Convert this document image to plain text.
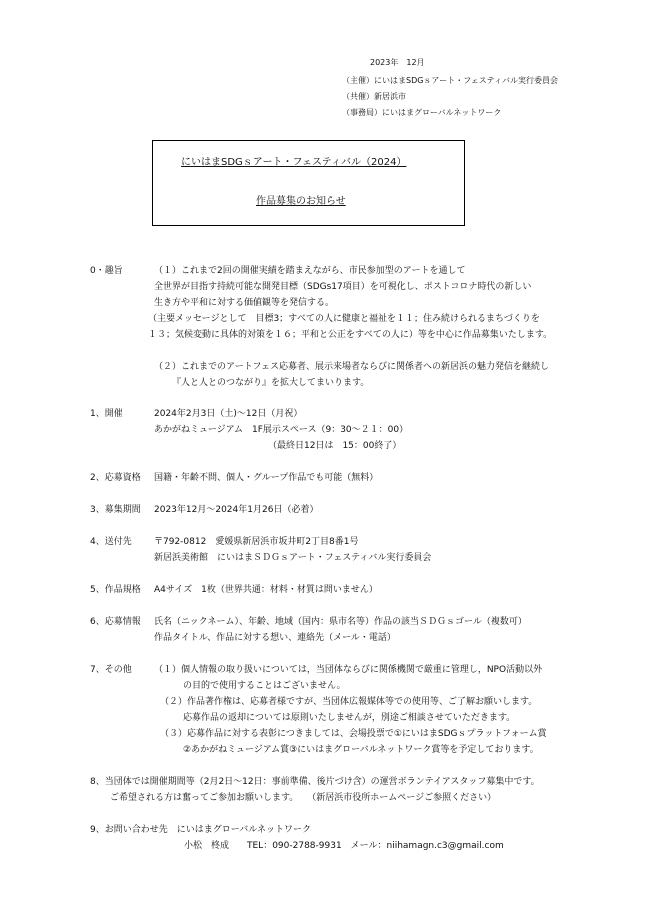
2023年　12月
（主催）にいはまSDGｓアート・フェスティバル実行委員会
（共催）新居浜市
（事務局）にいはまグローバルネットワーク
にいはまSDGｓアート・フェスティバル（2024）
作品募集のお知らせ
0・趣旨	（１）これまで2回の開催実績を踏まえながら、市民参加型のアートを通して
全世界が目指す持続可能な開発目標（SDGs17項目）を可視化し、ポストコロナ時代の新しい
生き方や平和に対する価値観等を発信する。
（主要メッセージとして　目標3；すべての人に健康と福祉を１１；住み続けられるまちづくりを
１３；気候変動に具体的対策を１６；平和と公正をすべての人に）等を中心に作品募集いたします。
（２）これまでのアートフェス応募者、展示来場者ならびに関係者への新居浜の魅力発信を継続し
『人と人とのつながり』を拡大してまいります。
1、開催	2024年2月3日（土)～12日（月祝）
あかがねミュージアム　1F展示スペース（9：30～２１：00）
（最終日12日は　15：00終了）
2、応募資格 国籍・年齢不問、個人・グループ作品でも可能（無料）
3、募集期間 2023年12月～2024年1月26日（必着）
4、送付先 〒792‐0812　愛媛県新居浜市坂井町2丁目8番1号
新居浜美術館　にいはまＳＤＧｓアート・フェスティバル実行委員会
5、作品規格 A4サイズ　1枚（世界共通：材料・材質は問いません）
6、応募情報 氏名（ニックネーム）、年齢、地域（国内：県市名等）作品の該当ＳＤＧｓゴール（複数可）
作品タイトル、作品に対する想い、連絡先（メール・電話）
7、その他 （１）個人情報の取り扱いについては，当団体ならびに関係機関で厳重に管理し，NPO活動以外
の目的で使用することはございません。
（２）作品著作権は、応募者様ですが、当団体広報媒体等での使用等、ご了解お願いします。
応募作品の返却については原則いたしませんが，別途ご相談させていただきます。
（３）応募作品に対する表彰につきましては、会場投票で①にいはまSDGｓプラットフォーム賞
②あかがねミュージアム賞③にいはまグローバルネットワーク賞等を予定しております。
8、当団体では開催期間等（2月2日～12日：事前準備、後片づけ含）の運営ボランテイアスタッフ募集中です。
ご希望される方は奮ってご参加お願いします。　　（新居浜市役所ホームページご参照ください）
9、お問い合わせ先　にいはまグローバルネットワーク
小松　柊成　　TEL：090‐2788‐9931　メール：niihamagn.c3@gmail.com
